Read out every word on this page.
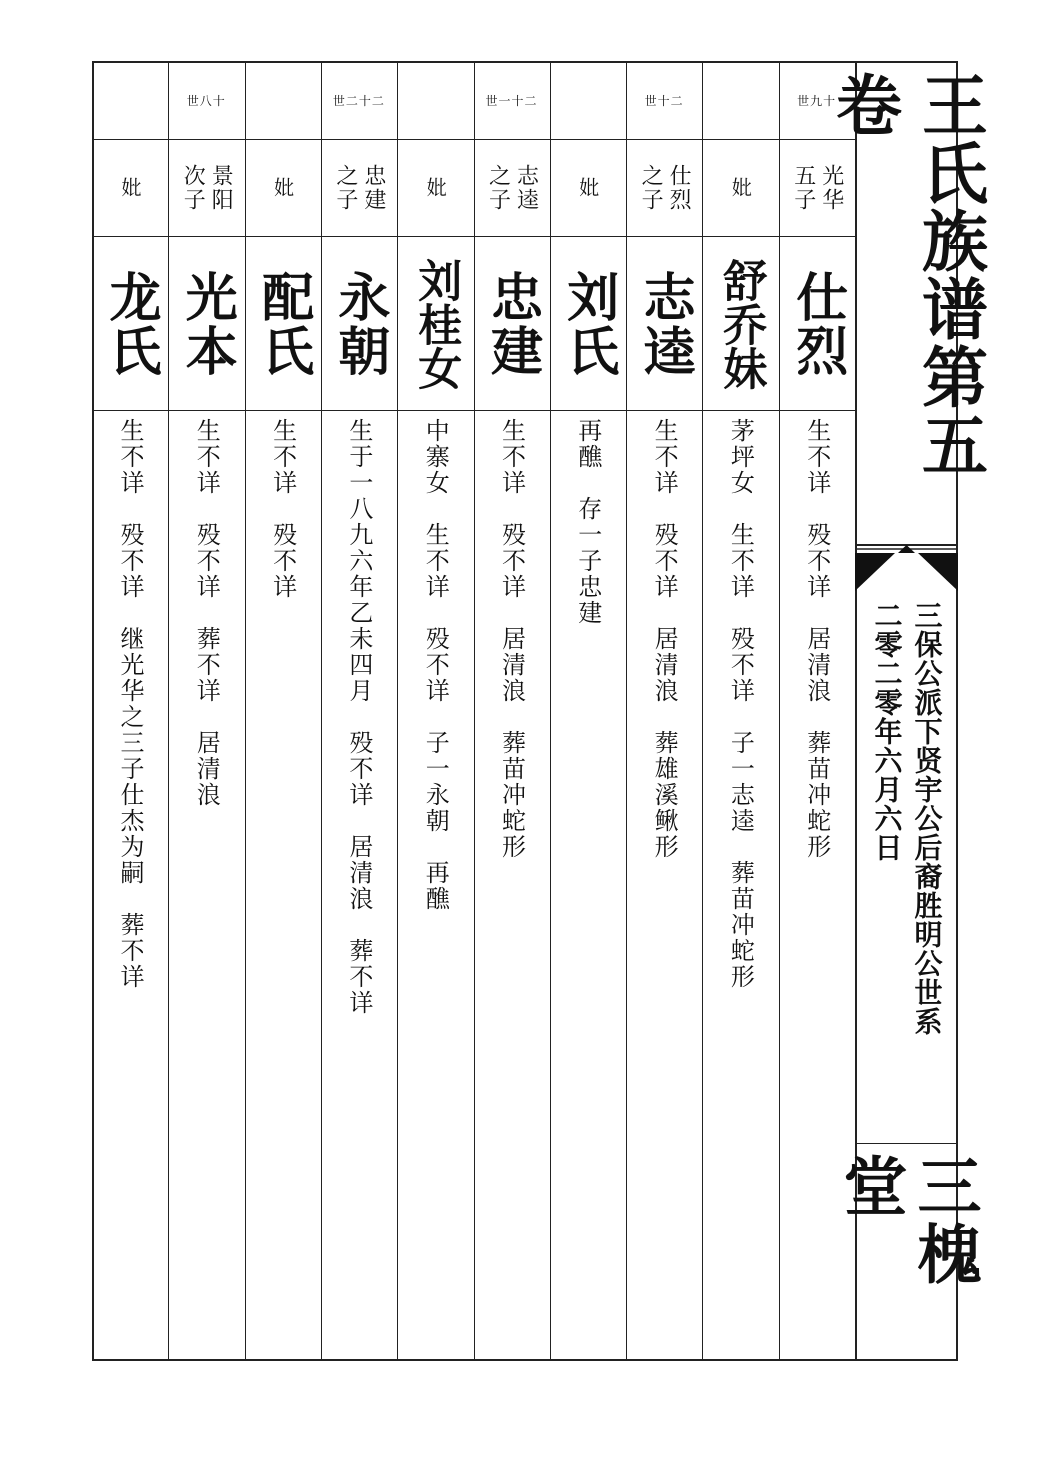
世九十
光华
五子
仕烈
生不详　殁不详　居清浪　葬苗冲蛇形
妣
舒乔妹
茅坪女　生不详　殁不详　子一志逵　葬苗冲蛇形
世十二
仕烈
之子
志逵
生不详　殁不详　居清浪　葬雄溪鳅形
妣
刘氏
再醮　存一子忠建
世一十二
志逵
之子
忠建
生不详　殁不详　居清浪　葬苗冲蛇形
妣
刘桂女
中寨女　生不详　殁不详　子一永朝　再醮
世二十二
忠建
之子
永朝
生于一八九六年乙未四月　殁不详　居清浪　葬不详
妣
配氏
生不详　殁不详
世八十
景阳
次子
光本
生不详　殁不详　葬不详　居清浪
妣
龙氏
生不详　殁不详　继光华之三子仕杰为嗣　葬不详
王氏族谱第五卷
三保公派下贤宇公后裔胜明公世系
二零二零年六月六日
三槐堂
